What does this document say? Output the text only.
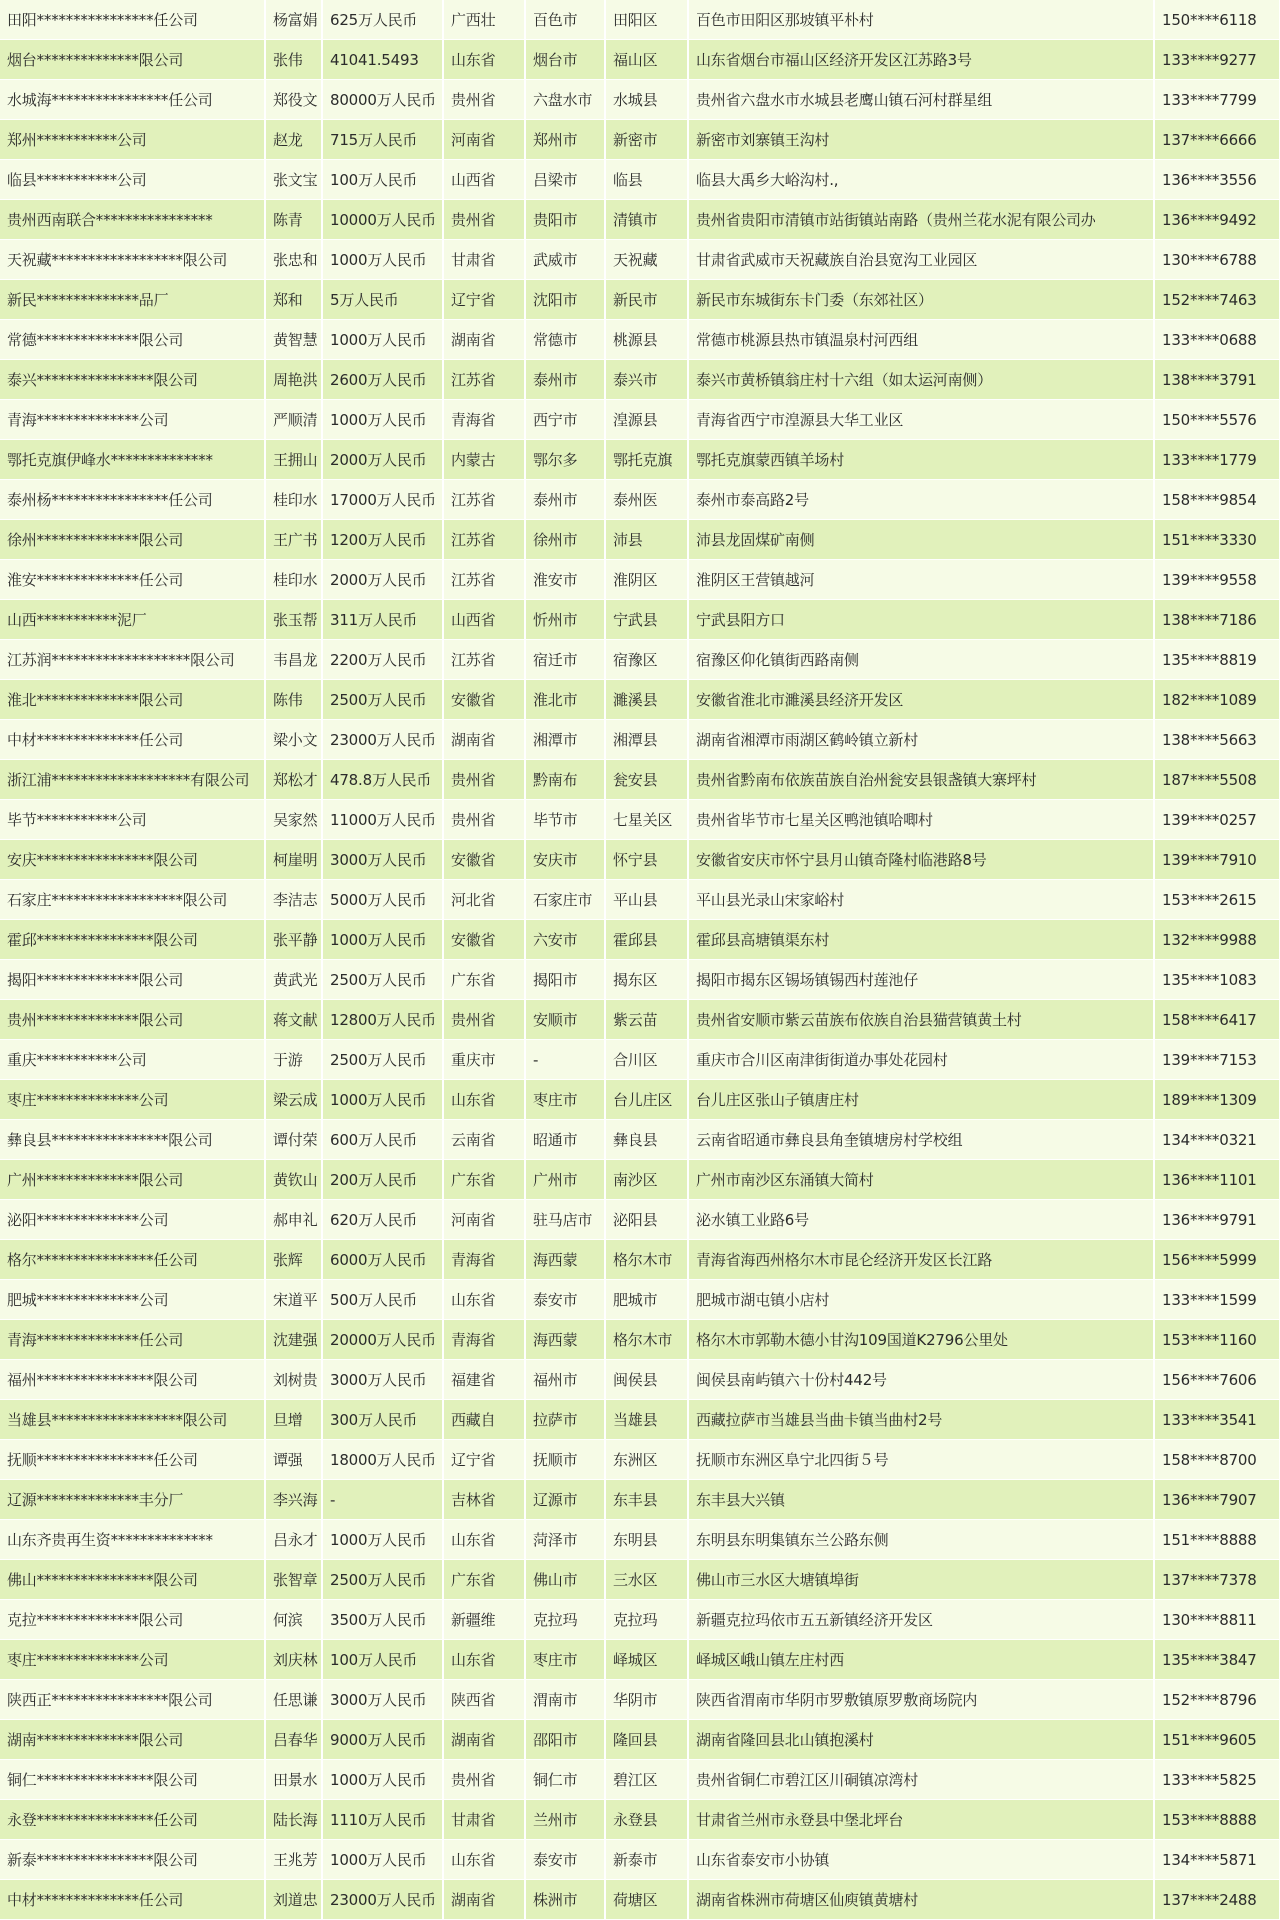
田阳****************任公司	杨富娟	625万人民币	广西壮	百色市	田阳区	百色市田阳区那坡镇平朴村	150****6118
烟台**************限公司	张伟	41041.5493	山东省	烟台市	福山区	山东省烟台市福山区经济开发区江苏路3号	133****9277
水城海****************任公司	郑役文	80000万人民币	贵州省	六盘水市	水城县	贵州省六盘水市水城县老鹰山镇石河村群星组	133****7799
郑州***********公司	赵龙	715万人民币	河南省	郑州市	新密市	新密市刘寨镇王沟村	137****6666
临县***********公司	张文宝	100万人民币	山西省	吕梁市	临县	临县大禹乡大峪沟村.,	136****3556
贵州西南联合****************	陈青	10000万人民币	贵州省	贵阳市	清镇市	贵州省贵阳市清镇市站街镇站南路（贵州兰花水泥有限公司办	136****9492
天祝藏******************限公司	张忠和	1000万人民币	甘肃省	武威市	天祝藏	甘肃省武威市天祝藏族自治县宽沟工业园区	130****6788
新民**************品厂	郑和	5万人民币	辽宁省	沈阳市	新民市	新民市东城街东卡门委（东郊社区）	152****7463
常德**************限公司	黄智慧	1000万人民币	湖南省	常德市	桃源县	常德市桃源县热市镇温泉村河西组	133****0688
泰兴****************限公司	周艳洪	2600万人民币	江苏省	泰州市	泰兴市	泰兴市黄桥镇翁庄村十六组（如太运河南侧）	138****3791
青海**************公司	严顺清	1000万人民币	青海省	西宁市	湟源县	青海省西宁市湟源县大华工业区	150****5576
鄂托克旗伊峰水**************	王拥山	2000万人民币	内蒙古	鄂尔多	鄂托克旗	鄂托克旗蒙西镇羊场村	133****1779
泰州杨****************任公司	桂印水	17000万人民币	江苏省	泰州市	泰州医	泰州市泰高路2号	158****9854
徐州**************限公司	王广书	1200万人民币	江苏省	徐州市	沛县	沛县龙固煤矿南侧	151****3330
淮安**************任公司	桂印水	2000万人民币	江苏省	淮安市	淮阴区	淮阴区王营镇越河	139****9558
山西***********泥厂	张玉帮	311万人民币	山西省	忻州市	宁武县	宁武县阳方口	138****7186
江苏润*******************限公司	韦昌龙	2200万人民币	江苏省	宿迁市	宿豫区	宿豫区仰化镇街西路南侧	135****8819
淮北**************限公司	陈伟	2500万人民币	安徽省	淮北市	濉溪县	安徽省淮北市濉溪县经济开发区	182****1089
中材**************任公司	梁小文	23000万人民币	湖南省	湘潭市	湘潭县	湖南省湘潭市雨湖区鹤岭镇立新村	138****5663
浙江浦*******************有限公司	郑松才	478.8万人民币	贵州省	黔南布	瓮安县	贵州省黔南布依族苗族自治州瓮安县银盏镇大寨坪村	187****5508
毕节***********公司	吴家然	11000万人民币	贵州省	毕节市	七星关区	贵州省毕节市七星关区鸭池镇哈唧村	139****0257
安庆****************限公司	柯崖明	3000万人民币	安徽省	安庆市	怀宁县	安徽省安庆市怀宁县月山镇奇隆村临港路8号	139****7910
石家庄******************限公司	李洁志	5000万人民币	河北省	石家庄市	平山县	平山县光录山宋家峪村	153****2615
霍邱****************限公司	张平静	1000万人民币	安徽省	六安市	霍邱县	霍邱县高塘镇渠东村	132****9988
揭阳**************限公司	黄武光	2500万人民币	广东省	揭阳市	揭东区	揭阳市揭东区锡场镇锡西村莲池仔	135****1083
贵州**************限公司	蒋文献	12800万人民币	贵州省	安顺市	紫云苗	贵州省安顺市紫云苗族布依族自治县猫营镇黄土村	158****6417
重庆***********公司	于游	2500万人民币	重庆市	-	合川区	重庆市合川区南津街街道办事处花园村	139****7153
枣庄**************公司	梁云成	1000万人民币	山东省	枣庄市	台儿庄区	台儿庄区张山子镇唐庄村	189****1309
彝良县****************限公司	谭付荣	600万人民币	云南省	昭通市	彝良县	云南省昭通市彝良县角奎镇塘房村学校组	134****0321
广州**************限公司	黄钦山	200万人民币	广东省	广州市	南沙区	广州市南沙区东涌镇大简村	136****1101
泌阳**************公司	郝申礼	620万人民币	河南省	驻马店市	泌阳县	泌水镇工业路6号	136****9791
格尔****************任公司	张辉	6000万人民币	青海省	海西蒙	格尔木市	青海省海西州格尔木市昆仑经济开发区长江路	156****5999
肥城**************公司	宋道平	500万人民币	山东省	泰安市	肥城市	肥城市湖屯镇小店村	133****1599
青海**************任公司	沈建强	20000万人民币	青海省	海西蒙	格尔木市	格尔木市郭勒木德小甘沟109国道K2796公里处	153****1160
福州****************限公司	刘树贵	3000万人民币	福建省	福州市	闽侯县	闽侯县南屿镇六十份村442号	156****7606
当雄县******************限公司	旦增	300万人民币	西藏自	拉萨市	当雄县	西藏拉萨市当雄县当曲卡镇当曲村2号	133****3541
抚顺****************任公司	谭强	18000万人民币	辽宁省	抚顺市	东洲区	抚顺市东洲区阜宁北四街５号	158****8700
辽源**************丰分厂	李兴海	-	吉林省	辽源市	东丰县	东丰县大兴镇	136****7907
山东齐贵再生资**************	吕永才	1000万人民币	山东省	菏泽市	东明县	东明县东明集镇东兰公路东侧	151****8888
佛山****************限公司	张智章	2500万人民币	广东省	佛山市	三水区	佛山市三水区大塘镇埠街	137****7378
克拉**************限公司	何滨	3500万人民币	新疆维	克拉玛	克拉玛	新疆克拉玛依市五五新镇经济开发区	130****8811
枣庄**************公司	刘庆林	100万人民币	山东省	枣庄市	峄城区	峄城区峨山镇左庄村西	135****3847
陕西正****************限公司	任思谦	3000万人民币	陕西省	渭南市	华阴市	陕西省渭南市华阴市罗敷镇原罗敷商场院内	152****8796
湖南**************限公司	吕春华	9000万人民币	湖南省	邵阳市	隆回县	湖南省隆回县北山镇抱溪村	151****9605
铜仁****************限公司	田景水	1000万人民币	贵州省	铜仁市	碧江区	贵州省铜仁市碧江区川硐镇凉湾村	133****5825
永登****************任公司	陆长海	1110万人民币	甘肃省	兰州市	永登县	甘肃省兰州市永登县中堡北坪台	153****8888
新泰****************限公司	王兆芳	1000万人民币	山东省	泰安市	新泰市	山东省泰安市小协镇	134****5871
中材**************任公司	刘道忠	23000万人民币	湖南省	株洲市	荷塘区	湖南省株洲市荷塘区仙庾镇黄塘村	137****2488
